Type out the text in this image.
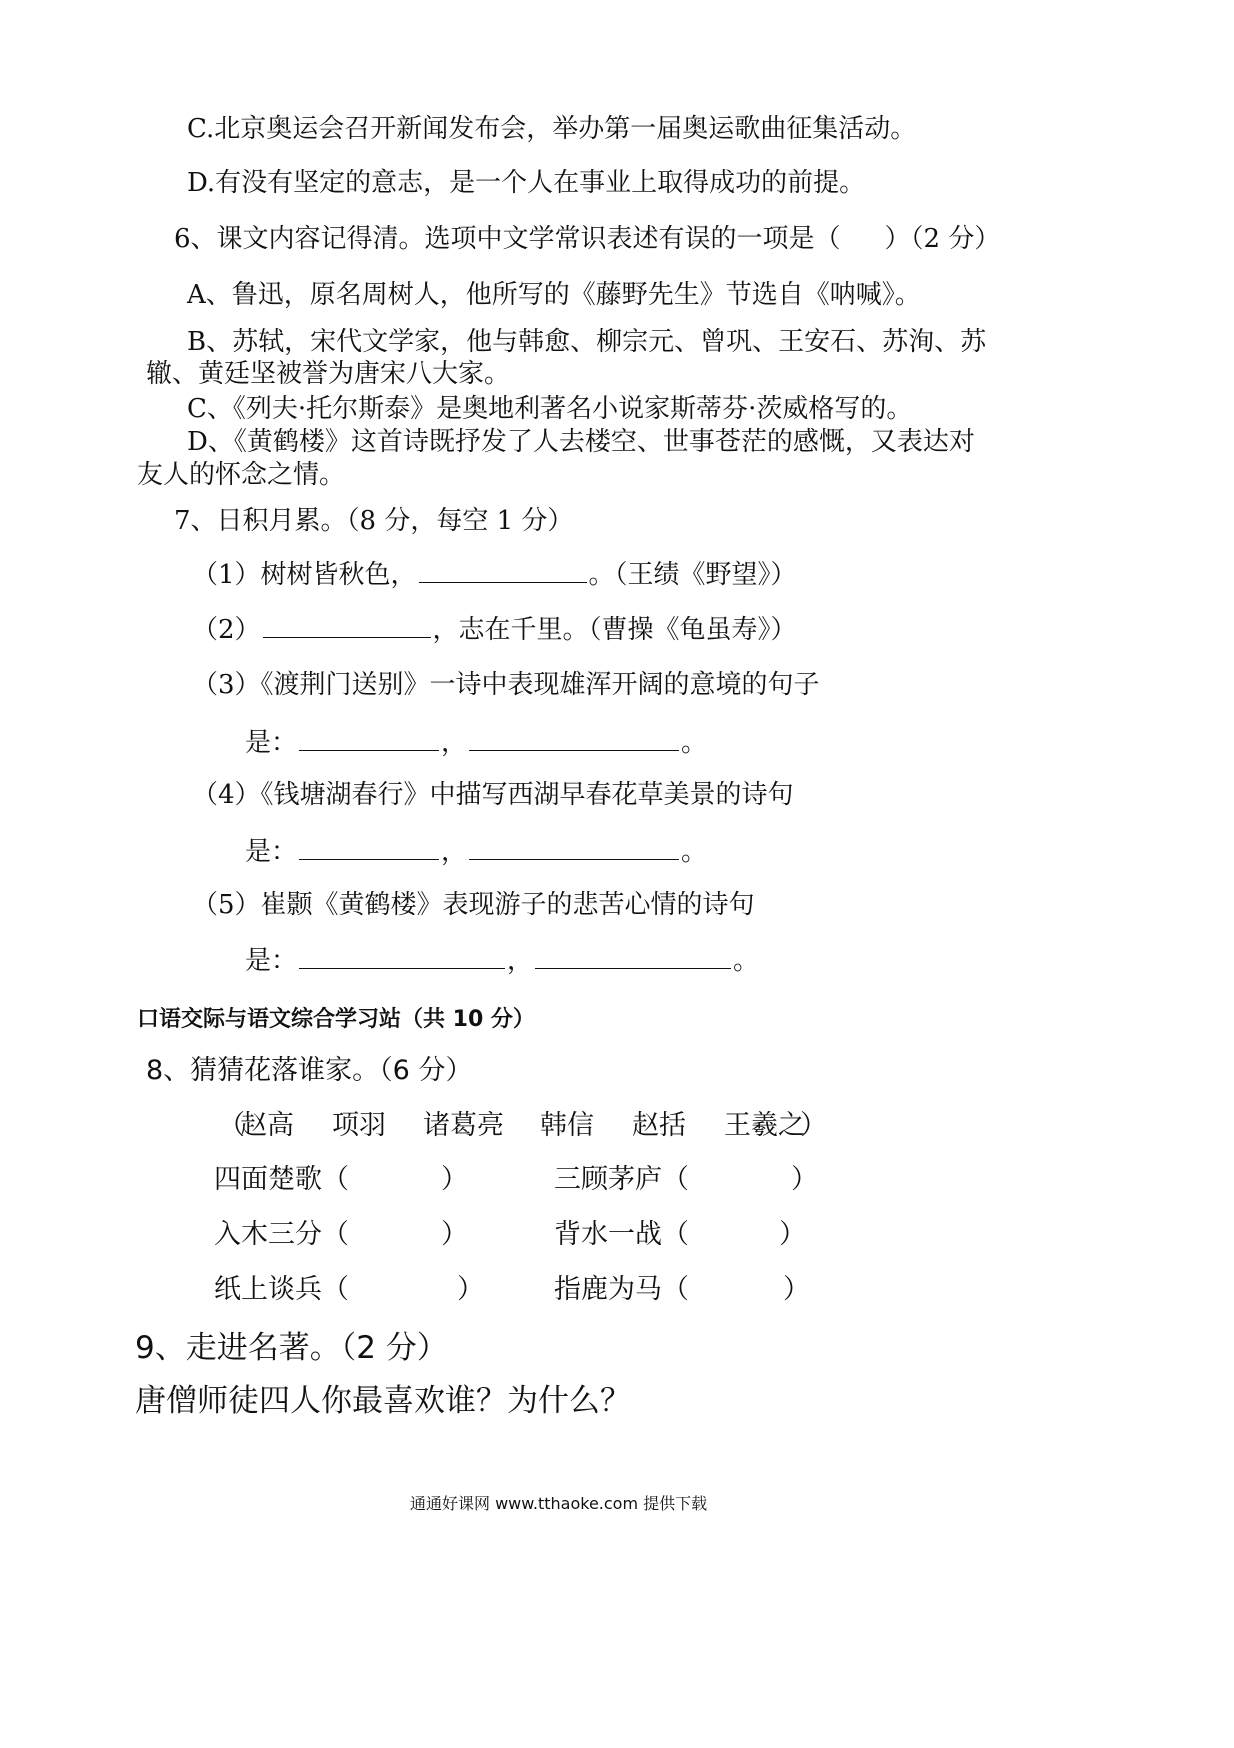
C.北京奥运会召开新闻发布会，举办第一届奥运歌曲征集活动。
D.有没有坚定的意志，是一个人在事业上取得成功的前提。
6、课文内容记得清。选项中文学常识表述有误的一项是（ ）（2 分）
A、鲁迅，原名周树人，他所写的《藤野先生》节选自《呐喊》。
B、苏轼，宋代文学家，他与韩愈、柳宗元、曾巩、王安石、苏洵、苏
辙、黄廷坚被誉为唐宋八大家。
C、《列夫·托尔斯泰》是奥地利著名小说家斯蒂芬·茨威格写的。
D、《黄鹤楼》这首诗既抒发了人去楼空、世事苍茫的感慨，又表达对
友人的怀念之情。
7、日积月累。（8 分，每空 1 分）
（1）树树皆秋色，	。（王绩《野望》）
（2）	，志在千里。（曹操《龟虽寿》）
（3）《渡荆门送别》一诗中表现雄浑开阔的意境的句子
是：	，	。
（4）《钱塘湖春行》中描写西湖早春花草美景的诗句
是：	，	。
（5）崔颢《黄鹤楼》表现游子的悲苦心情的诗句
是：	，	。
口语交际与语文综合学习站（共 10 分）
8、猜猜花落谁家。（6 分）
（
赵高 项羽 诸葛亮 韩信 赵括 王羲之
）
四面楚歌（	）	三顾茅庐（	）
入木三分（	）	背水一战（	）
纸上谈兵（	）	指鹿为马（	）
9、走进名著。（2 分）
唐僧师徒四人你最喜欢谁？为什么？
通通好课网 www.tthaoke.com 提供下载
